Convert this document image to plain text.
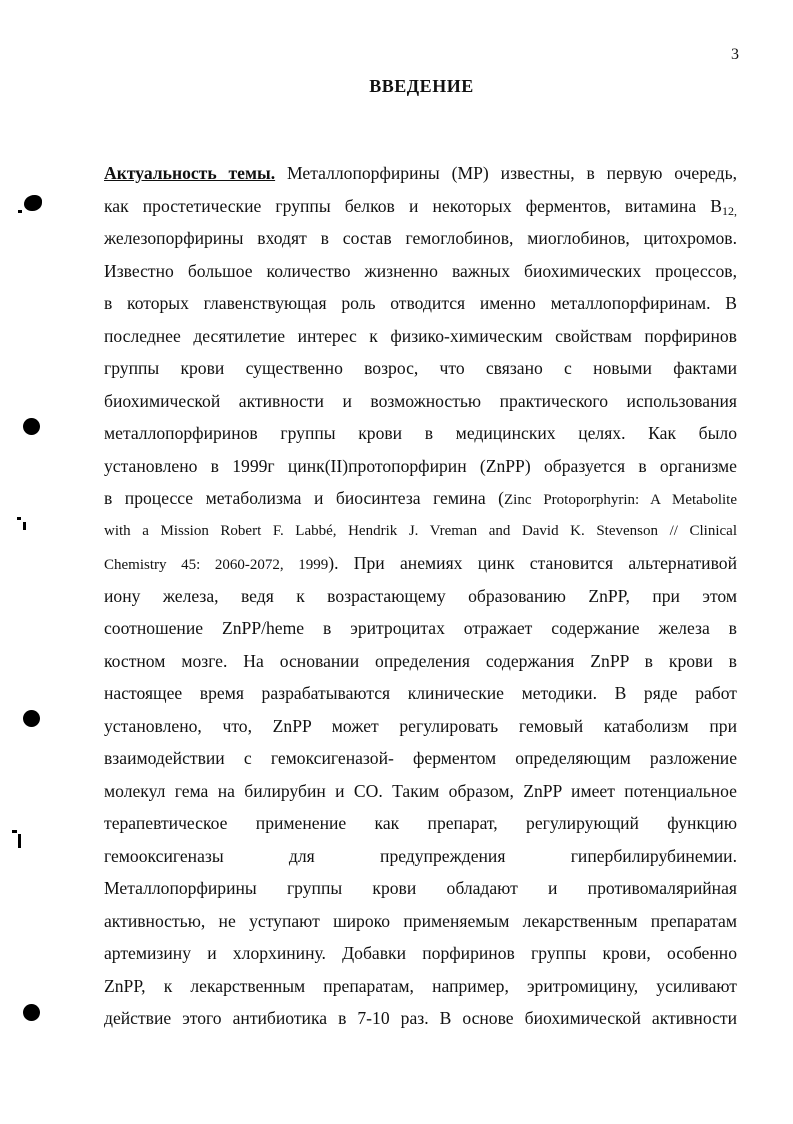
3
ВВЕДЕНИЕ
Актуальность темы. Металлопорфирины (МР) известны, в первую очередь,
как простетические группы белков и некоторых ферментов, витамина $B_{12,}$
железопорфирины входят в состав гемоглобинов, миоглобинов, цитохромов.
Известно большое количество жизненно важных биохимических процессов,
в которых главенствующая роль отводится именно металлопорфиринам. В
последнее десятилетие интерес к физико-химическим свойствам порфиринов
группы крови существенно возрос, что связано с новыми фактами
биохимической активности и возможностью практического использования
металлопорфиринов группы крови в медицинских целях. Как было
установлено в 1999г цинк(II)протопорфирин (ZnPP) образуется в организме
в процессе метаболизма и биосинтеза гемина (Zinc Protoporphyrin: A Metabolite
with a Mission Robert F. Labbé, Hendrik J. Vreman and David K. Stevenson // Clinical
Chemistry 45: 2060-2072, 1999). При анемиях цинк становится альтернативой
иону железа, ведя к возрастающему образованию ZnPP, при этом
соотношение ZnPP/heme в эритроцитах отражает содержание железа в
костном мозге. На основании определения содержания ZnPP в крови в
настоящее время разрабатываются клинические методики. В ряде работ
установлено, что, ZnPP может регулировать гемовый катаболизм при
взаимодействии с гемоксигеназой- ферментом определяющим разложение
молекул гема на билирубин и СО. Таким образом, ZnPP имеет потенциальное
терапевтическое применение как препарат, регулирующий функцию
гемооксигеназы для предупреждения гипербилирубинемии.
Металлопорфирины группы крови обладают и противомалярийная
активностью, не уступают широко применяемым лекарственным препаратам
артемизину и хлорхинину. Добавки порфиринов группы крови, особенно
ZnPP, к лекарственным препаратам, например, эритромицину, усиливают
действие этого антибиотика в 7-10 раз. В основе биохимической активности
